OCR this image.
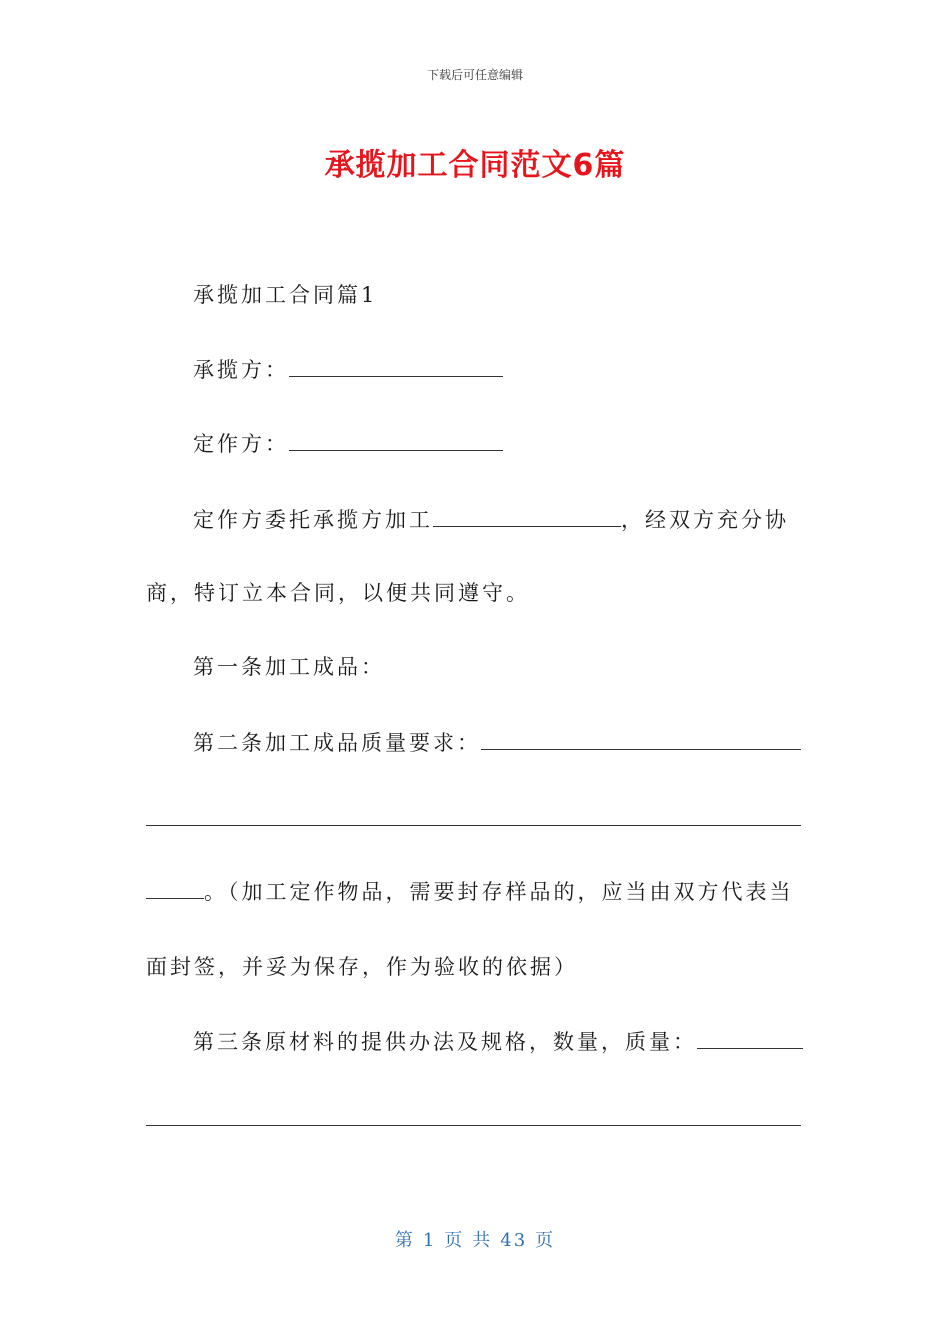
下载后可任意编辑
承揽加工合同范文6篇
承揽加工合同篇1
承揽方：
定作方：
定作方委托承揽方加工	，经双方充分协
商，特订立本合同，以便共同遵守。
第一条加工成品：
第二条加工成品质量要求：
。（加工定作物品，需要封存样品的，应当由双方代表当
面封签，并妥为保存，作为验收的依据）
第三条原材料的提供办法及规格，数量，质量：
第 1 页 共 43 页
